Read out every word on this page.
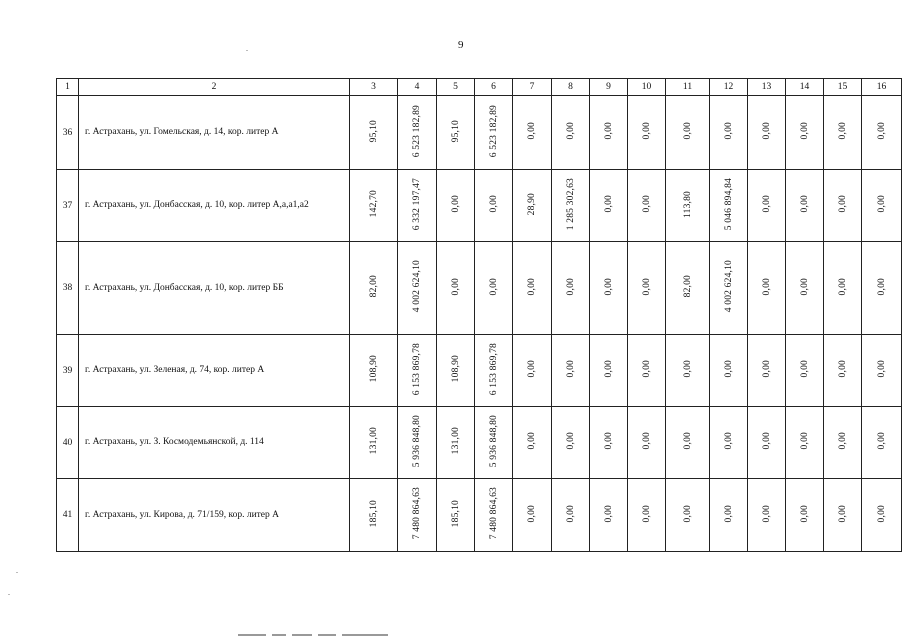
9
1	2	3	4	5	6	7	8	9	10	11	12	13	14	15	16
36	г. Астрахань, ул. Гомельская, д. 14, кор. литер А	95,10	6 523 182,89	95,10	6 523 182,89	0,00	0,00	0,00	0,00	0,00	0,00	0,00	0,00	0,00	0,00
37	г. Астрахань, ул. Донбасская, д. 10, кор. литер А,а,а1,а2	142,70	6 332 197,47	0,00	0,00	28,90	1 285 302,63	0,00	0,00	113,80	5 046 894,84	0,00	0,00	0,00	0,00
38	г. Астрахань, ул. Донбасская, д. 10, кор. литер ББ	82,00	4 002 624,10	0,00	0,00	0,00	0,00	0,00	0,00	82,00	4 002 624,10	0,00	0,00	0,00	0,00
39	г. Астрахань, ул. Зеленая, д. 74, кор. литер А	108,90	6 153 869,78	108,90	6 153 869,78	0,00	0,00	0,00	0,00	0,00	0,00	0,00	0,00	0,00	0,00
40	г. Астрахань, ул. З. Космодемьянской, д. 114	131,00	5 936 848,80	131,00	5 936 848,80	0,00	0,00	0,00	0,00	0,00	0,00	0,00	0,00	0,00	0,00
41	г. Астрахань, ул. Кирова, д. 71/159, кор. литер А	185,10	7 480 864,63	185,10	7 480 864,63	0,00	0,00	0,00	0,00	0,00	0,00	0,00	0,00	0,00	0,00
